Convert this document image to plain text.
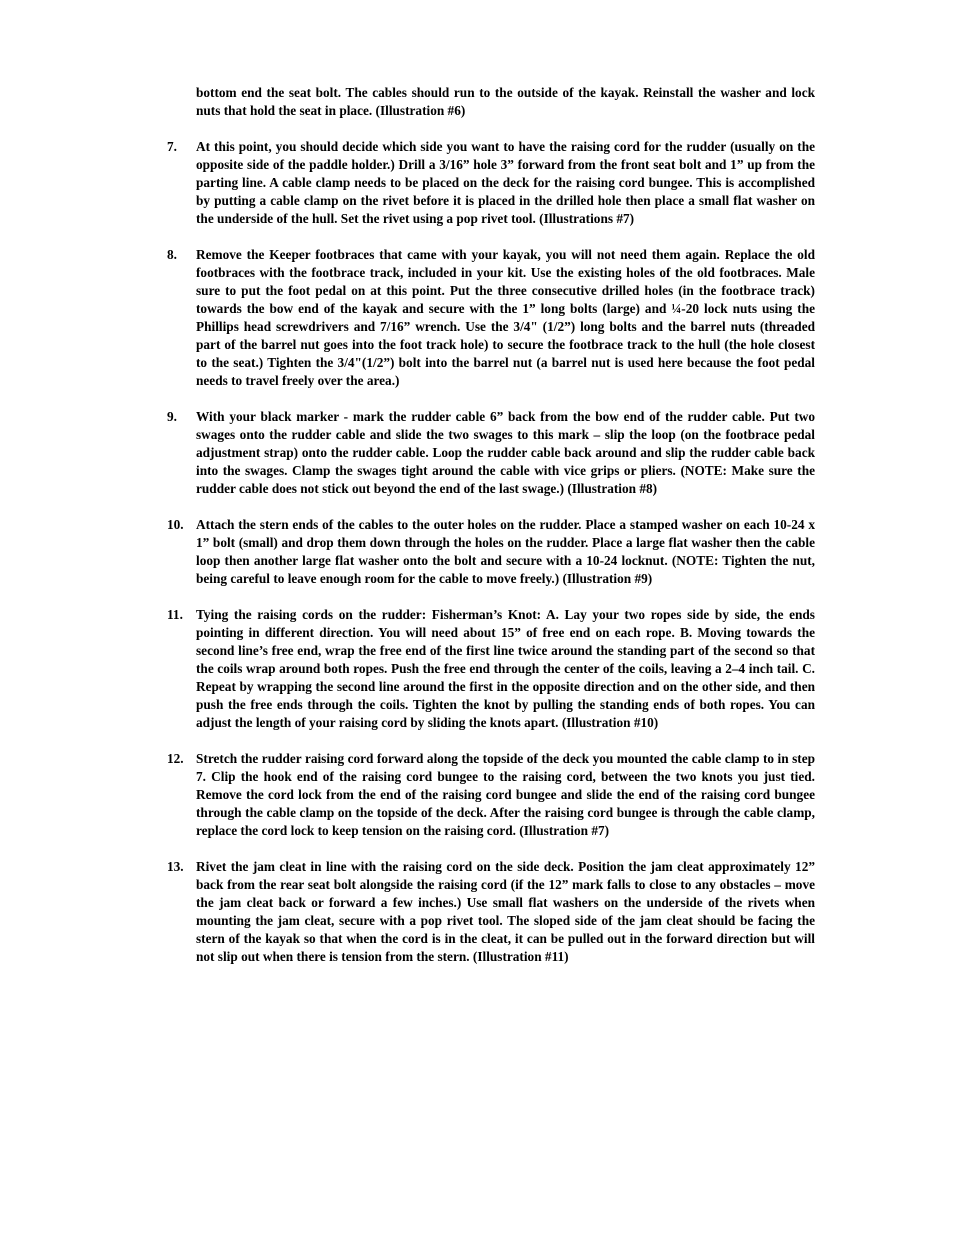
bottom end the seat bolt. The cables should run to the outside of the kayak. Reinstall the washer and lock nuts that hold the seat in place. (Illustration #6)

7.	At this point, you should decide which side you want to have the raising cord for the rudder (usually on the opposite side of the paddle holder.) Drill a 3/16” hole 3” forward from the front seat bolt and 1” up from the parting line. A cable clamp needs to be placed on the deck for the raising cord bungee. This is accomplished by putting a cable clamp on the rivet before it is placed in the drilled hole then place a small flat washer on the underside of the hull. Set the rivet using a pop rivet tool. (Illustrations #7)
8.	Remove the Keeper footbraces that came with your kayak, you will not need them again. Replace the old footbraces with the footbrace track, included in your kit. Use the existing holes of the old footbraces. Male sure to put the foot pedal on at this point. Put the three consecutive drilled holes (in the footbrace track) towards the bow end of the kayak and secure with the 1” long bolts (large) and ¼-20 lock nuts using the Phillips head screwdrivers and 7/16” wrench. Use the 3/4" (1/2”) long bolts and the barrel nuts (threaded part of the barrel nut goes into the foot track hole) to secure the footbrace track to the hull (the hole closest to the seat.) Tighten the 3/4"(1/2”) bolt into the barrel nut (a barrel nut is used here because the foot pedal needs to travel freely over the area.)
9.	With your black marker - mark the rudder cable 6” back from the bow end of the rudder cable. Put two swages onto the rudder cable and slide the two swages to this mark – slip the loop (on the footbrace pedal adjustment strap) onto the rudder cable. Loop the rudder cable back around and slip the rudder cable back into the swages. Clamp the swages tight around the cable with vice grips or pliers. (NOTE: Make sure the rudder cable does not stick out beyond the end of the last swage.) (Illustration #8)
10. Attach the stern ends of the cables to the outer holes on the rudder. Place a stamped washer on each 10-24 x 1” bolt (small) and drop them down through the holes on the rudder. Place a large flat washer then the cable loop then another large flat washer onto the bolt and secure with a 10-24 locknut. (NOTE: Tighten the nut, being careful to leave enough room for the cable to move freely.) (Illustration #9)
11. Tying the raising cords on the rudder: Fisherman’s Knot: A. Lay your two ropes side by side, the ends pointing in different direction. You will need about 15” of free end on each rope. B. Moving towards the second line’s free end, wrap the free end of the first line twice around the standing part of the second so that the coils wrap around both ropes. Push the free end through the center of the coils, leaving a 2–4 inch tail. C. Repeat by wrapping the second line around the first in the opposite direction and on the other side, and then push the free ends through the coils. Tighten the knot by pulling the standing ends of both ropes. You can adjust the length of your raising cord by sliding the knots apart. (Illustration #10)
12. Stretch the rudder raising cord forward along the topside of the deck you mounted the cable clamp to in step 7. Clip the hook end of the raising cord bungee to the raising cord, between the two knots you just tied. Remove the cord lock from the end of the raising cord bungee and slide the end of the raising cord bungee through the cable clamp on the topside of the deck. After the raising cord bungee is through the cable clamp, replace the cord lock to keep tension on the raising cord. (Illustration #7)
13. Rivet the jam cleat in line with the raising cord on the side deck. Position the jam cleat approximately 12” back from the rear seat bolt alongside the raising cord (if the 12” mark falls to close to any obstacles – move the jam cleat back or forward a few inches.) Use small flat washers on the underside of the rivets when mounting the jam cleat, secure with a pop rivet tool. The sloped side of the jam cleat should be facing the stern of the kayak so that when the cord is in the cleat, it can be pulled out in the forward direction but will not slip out when there is tension from the stern. (Illustration #11)
